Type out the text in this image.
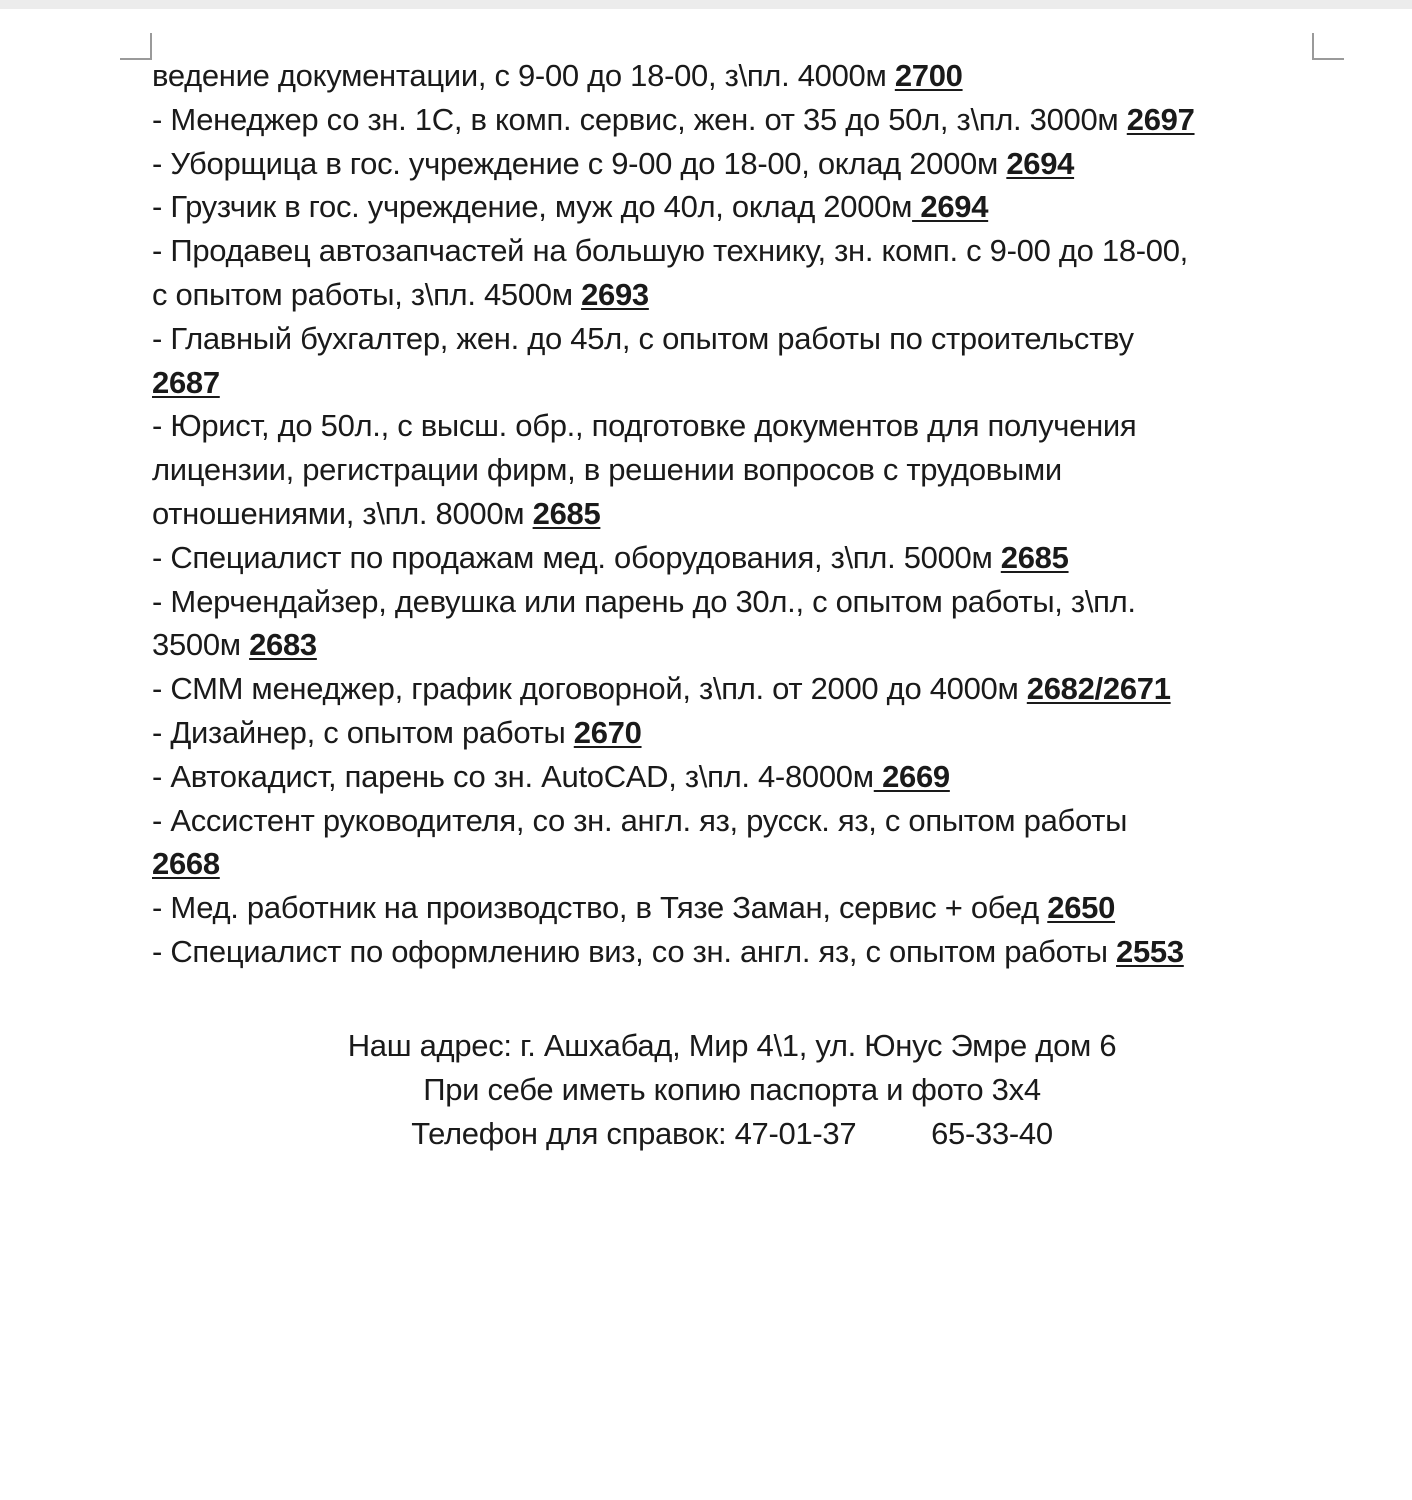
ведение документации, с 9-00 до 18-00, з\пл. 4000м 2700
- Менеджер со зн. 1С, в комп. сервис, жен. от 35 до 50л, з\пл. 3000м 2697
- Уборщица в гос. учреждение с 9-00 до 18-00, оклад 2000м 2694
- Грузчик в гос. учреждение, муж до 40л, оклад 2000м 2694
- Продавец автозапчастей на большую технику, зн. комп. с 9-00 до 18-00,
с опытом работы, з\пл. 4500м 2693
- Главный бухгалтер, жен. до 45л, с опытом работы по строительству
2687
- Юрист, до 50л., с высш. обр., подготовке документов для получения
лицензии, регистрации фирм, в решении вопросов с трудовыми
отношениями, з\пл. 8000м 2685
- Специалист по продажам мед. оборудования, з\пл. 5000м 2685
- Мерчендайзер, девушка или парень до 30л., с опытом работы, з\пл.
3500м 2683
- СММ менеджер, график договорной, з\пл. от 2000 до 4000м 2682/2671
- Дизайнер, с опытом работы 2670
- Автокадист, парень со зн. AutoCAD, з\пл. 4-8000м 2669
- Ассистент руководителя, со зн. англ. яз, русск. яз, с опытом работы
2668
- Мед. работник на производство, в Тязе Заман, сервис + обед 2650
- Специалист по оформлению виз, со зн. англ. яз, с опытом работы 2553
Наш адрес: г. Ашхабад, Мир 4\1, ул. Юнус Эмре дом 6
При себе иметь копию паспорта и фото 3х4
Телефон для справок: 47-01-37         65-33-40
